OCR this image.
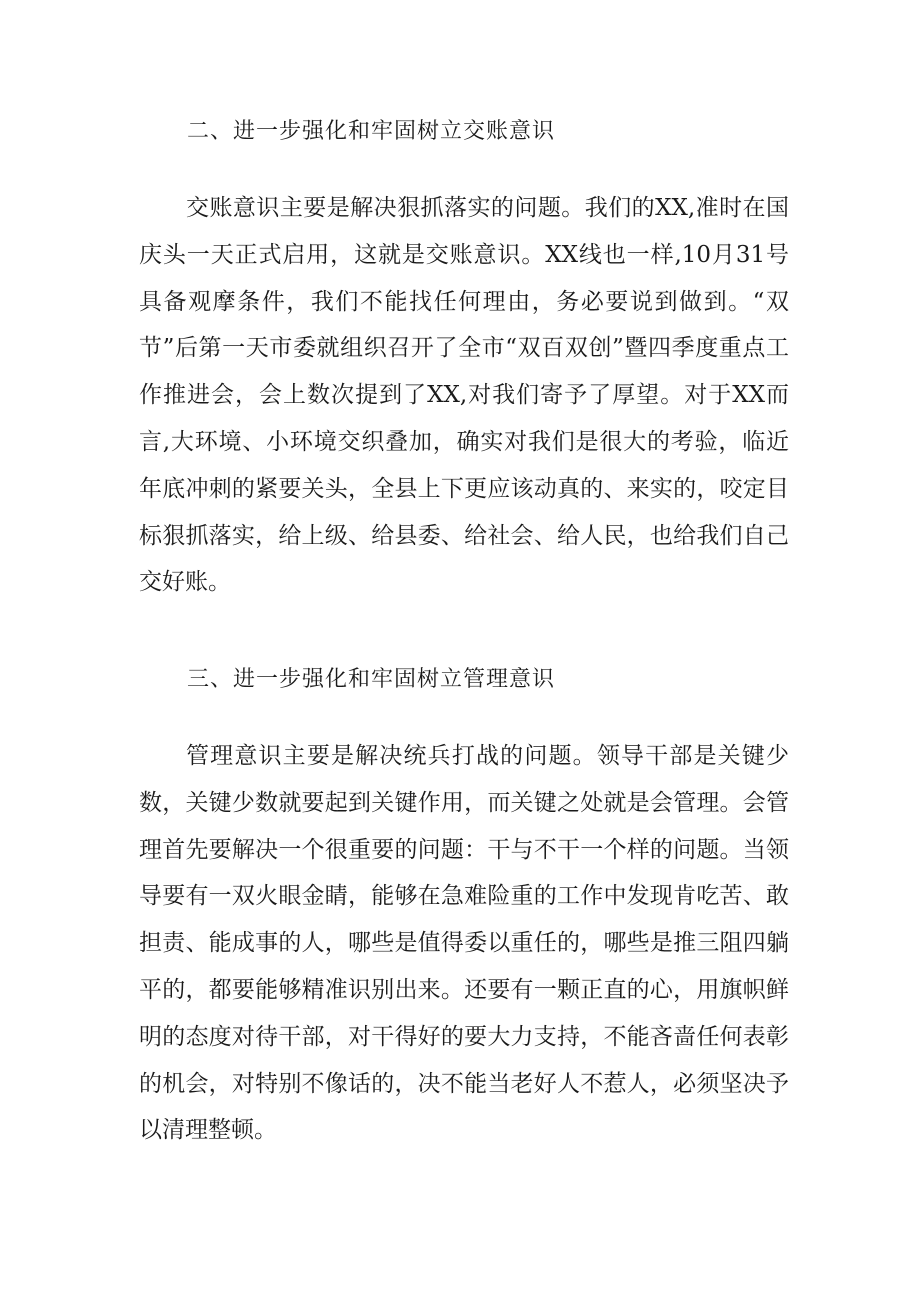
二、进一步强化和牢固树立交账意识

交账意识主要是解决狠抓落实的问题。我们的XX,准时在国庆头一天正式启用，这就是交账意识。XX线也一样,10月31号具备观摩条件，我们不能找任何理由，务必要说到做到。“双节”后第一天市委就组织召开了全市“双百双创”暨四季度重点工作推进会，会上数次提到了XX,对我们寄予了厚望。对于XX而言,大环境、小环境交织叠加，确实对我们是很大的考验，临近年底冲刺的紧要关头，全县上下更应该动真的、来实的，咬定目标狠抓落实，给上级、给县委、给社会、给人民，也给我们自己交好账。

三、进一步强化和牢固树立管理意识

管理意识主要是解决统兵打战的问题。领导干部是关键少数，关键少数就要起到关键作用，而关键之处就是会管理。会管理首先要解决一个很重要的问题：干与不干一个样的问题。当领导要有一双火眼金睛，能够在急难险重的工作中发现肯吃苦、敢担责、能成事的人，哪些是值得委以重任的，哪些是推三阻四躺平的，都要能够精准识别出来。还要有一颗正直的心，用旗帜鲜明的态度对待干部，对干得好的要大力支持，不能吝啬任何表彰的机会，对特别不像话的，决不能当老好人不惹人，必须坚决予以清理整顿。
